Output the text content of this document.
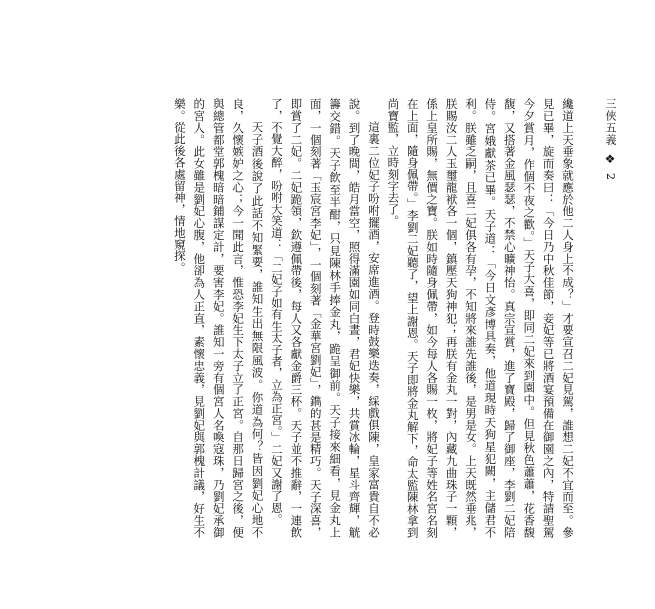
三俠五義
❖
2

纔道上天垂象就應於他二人身上不成？」才要宣召二妃見駕，誰想二妃不宜而至。參見已畢，旋而奏曰：「今日乃中秋佳節，妾妃等已將酒宴預備在御園之內，特請聖駕今夕賞月，作個不夜之歡。」天子大喜，即同二妃來到園中。但見秋色蕭蕭，花香馥馥，又搭著金風瑟瑟，不禁心曠神怡。真宗宣賞，進了寶殿，歸了御座，李劉二妃陪侍。宮娥獻茶已畢。天子道：「今日文彥博具奏，他道現時天狗星犯闕，主儲君不利。朕雖乏嗣，且喜二妃俱各有孕，不知將來誰先誰後，是男是女。上天既然垂兆，朕賜汝二人玉璽龍袱各一個，鎮壓天狗神犯；再朕有金丸一對，內藏九曲珠子一顆，係上皇所賜，無價之寶。朕如時隨身佩帶，如今每人各賜一枚，將妃子等姓名宮名刻在上面，隨身佩帶。」李劉二妃聽了，望上謝恩。天子即將金丸解下，命太監陳林拿到尚寶監，立時刻字去了。

這裏二位妃子吩咐擺酒，安席進酒。登時鼓樂迭奏，綵戲俱陳，皇家富貴自不必說。到了晚間，皓月當空，照得滿園如同白晝，君妃快樂，共賞冰輪，星斗齊輝，觥籌交錯。天子飲至半酣，只見陳林手捧金丸，跪呈御前。天子接來細看，見金丸上面，一個刻著「玉宸宮李妃」，一個刻著「金華宮劉妃」，鐫的甚是精巧。天子深喜，即賞了二妃。二妃跪領，欽遵佩帶後，每人又各獻金爵三杯。天子並不推辭，一連飲了，不覺大醉，吩咐大笑道：「二妃子如有生太子者，立為正宮。」二妃又謝了恩。

天子酒後說了此話不知緊要，誰知生出無限風波。你道為何？皆因劉妃心地不良，久懷嫉妒之心；今一聞此言，惟恐李妃生下太子立了正宮。自那日歸宮之後，便與總管都堂郭槐暗暗鋪謀定計，要害李妃。誰知一旁有個宮人名喚寇珠，乃劉妃承御的宮人。此女雖是劉妃心腹，他卻為人正直，素懷忠義，見劉妃與郭槐計議，好生不樂。從此後各處留神，情地窺探。
